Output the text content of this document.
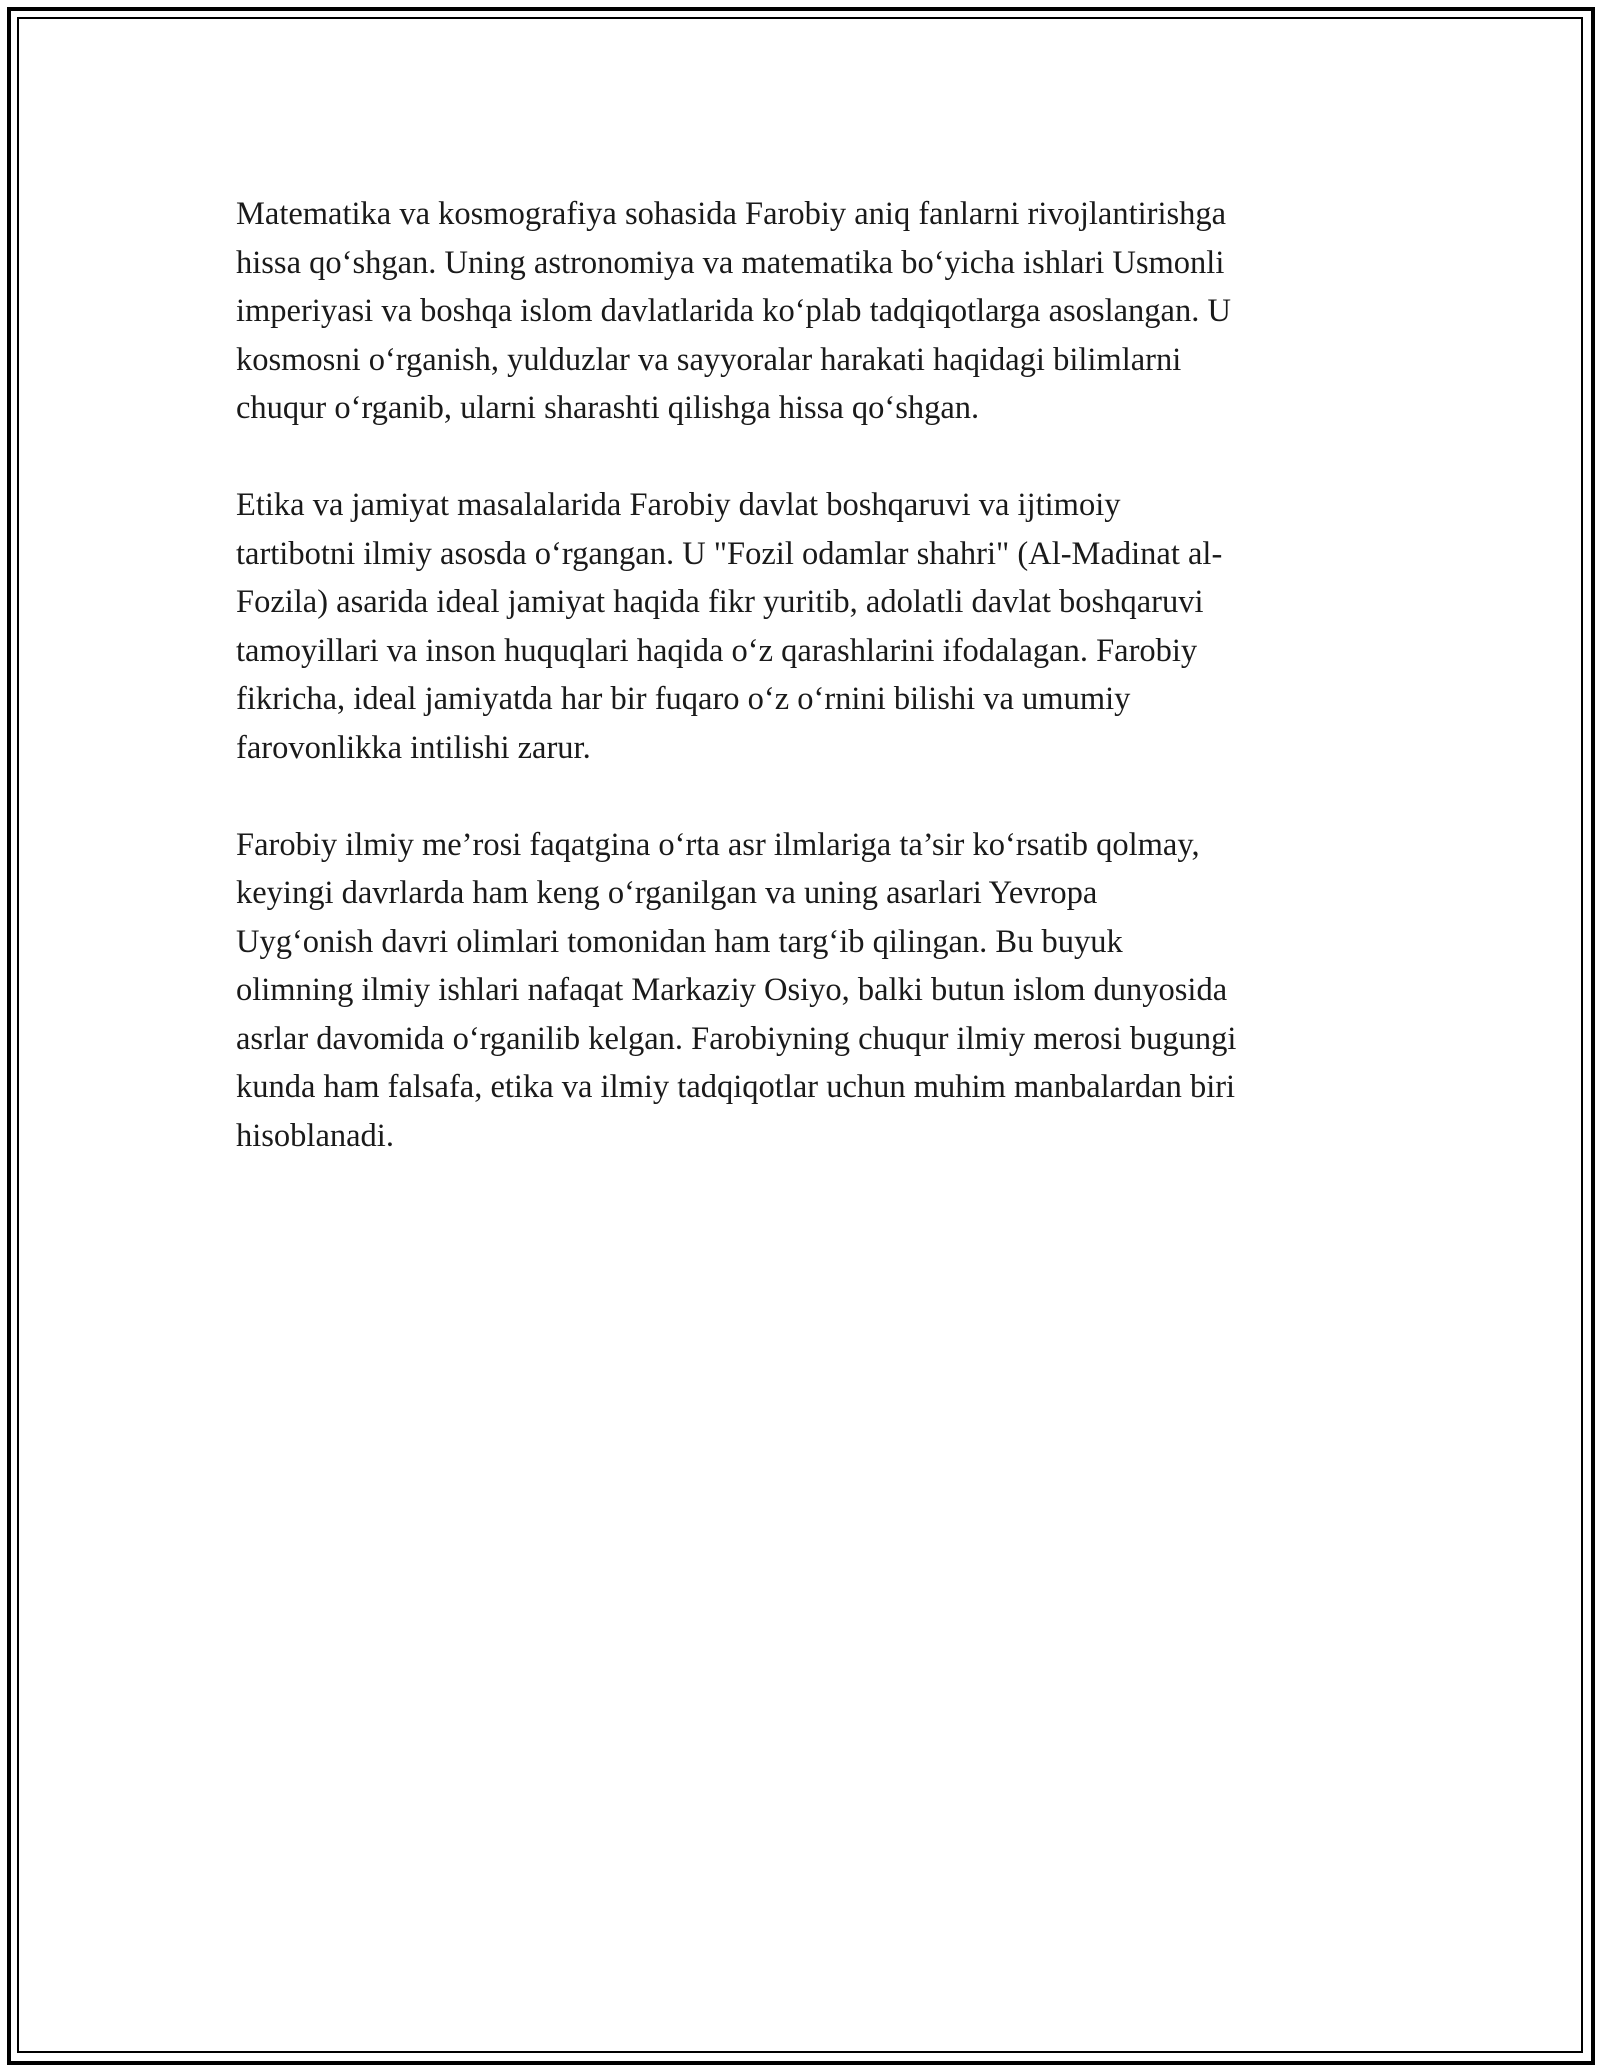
Matematika va kosmografiya sohasida Farobiy aniq fanlarni rivojlantirishga
hissa qo‘shgan. Uning astronomiya va matematika bo‘yicha ishlari Usmonli
imperiyasi va boshqa islom davlatlarida ko‘plab tadqiqotlarga asoslangan. U
kosmosni o‘rganish, yulduzlar va sayyoralar harakati haqidagi bilimlarni
chuqur o‘rganib, ularni sharashti qilishga hissa qo‘shgan.

Etika va jamiyat masalalarida Farobiy davlat boshqaruvi va ijtimoiy
tartibotni ilmiy asosda o‘rgangan. U "Fozil odamlar shahri" (Al-Madinat al-
Fozila) asarida ideal jamiyat haqida fikr yuritib, adolatli davlat boshqaruvi
tamoyillari va inson huquqlari haqida o‘z qarashlarini ifodalagan. Farobiy
fikricha, ideal jamiyatda har bir fuqaro o‘z o‘rnini bilishi va umumiy
farovonlikka intilishi zarur.

Farobiy ilmiy me’rosi faqatgina o‘rta asr ilmlariga ta’sir ko‘rsatib qolmay,
keyingi davrlarda ham keng o‘rganilgan va uning asarlari Yevropa
Uyg‘onish davri olimlari tomonidan ham targ‘ib qilingan. Bu buyuk
olimning ilmiy ishlari nafaqat Markaziy Osiyo, balki butun islom dunyosida
asrlar davomida o‘rganilib kelgan. Farobiyning chuqur ilmiy merosi bugungi
kunda ham falsafa, etika va ilmiy tadqiqotlar uchun muhim manbalardan biri
hisoblanadi.
